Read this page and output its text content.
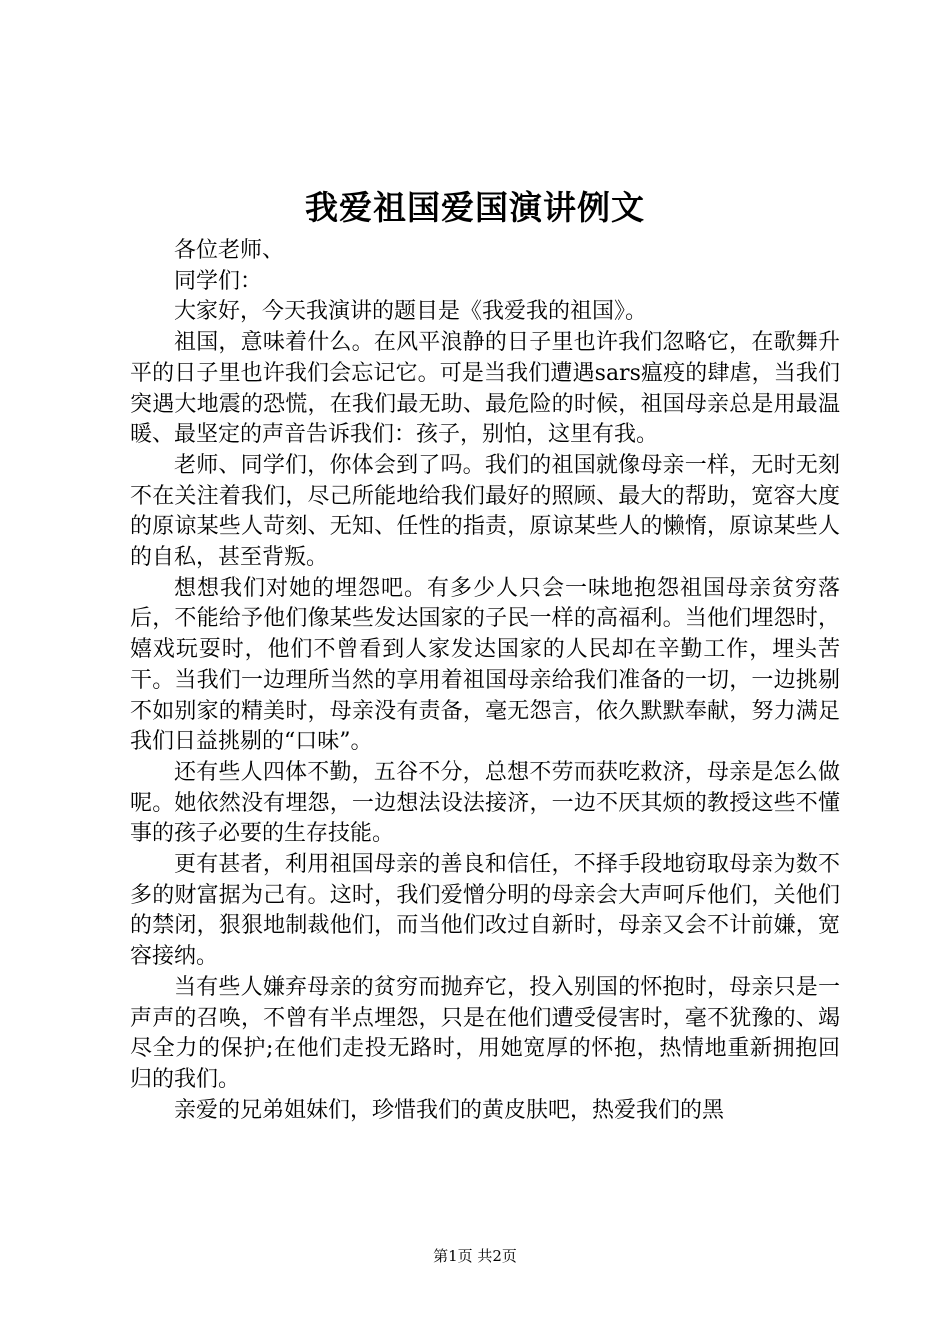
我爱祖国爱国演讲例文

各位老师、

同学们：

大家好，今天我演讲的题目是《我爱我的祖国》。

祖国，意味着什么。在风平浪静的日子里也许我们忽略它，在歌舞升平的日子里也许我们会忘记它。可是当我们遭遇sars瘟疫的肆虐，当我们突遇大地震的恐慌，在我们最无助、最危险的时候，祖国母亲总是用最温暖、最坚定的声音告诉我们：孩子，别怕，这里有我。

老师、同学们，你体会到了吗。我们的祖国就像母亲一样，无时无刻不在关注着我们，尽己所能地给我们最好的照顾、最大的帮助，宽容大度的原谅某些人苛刻、无知、任性的指责，原谅某些人的懒惰，原谅某些人的自私，甚至背叛。

想想我们对她的埋怨吧。有多少人只会一味地抱怨祖国母亲贫穷落后，不能给予他们像某些发达国家的子民一样的高福利。当他们埋怨时，嬉戏玩耍时，他们不曾看到人家发达国家的人民却在辛勤工作，埋头苦干。当我们一边理所当然的享用着祖国母亲给我们准备的一切，一边挑剔不如别家的精美时，母亲没有责备，毫无怨言，依久默默奉献，努力满足我们日益挑剔的“口味”。

还有些人四体不勤，五谷不分，总想不劳而获吃救济，母亲是怎么做呢。她依然没有埋怨，一边想法设法接济，一边不厌其烦的教授这些不懂事的孩子必要的生存技能。

更有甚者，利用祖国母亲的善良和信任，不择手段地窃取母亲为数不多的财富据为己有。这时，我们爱憎分明的母亲会大声呵斥他们，关他们的禁闭，狠狠地制裁他们，而当他们改过自新时，母亲又会不计前嫌，宽容接纳。

当有些人嫌弃母亲的贫穷而抛弃它，投入别国的怀抱时，母亲只是一声声的召唤，不曾有半点埋怨，只是在他们遭受侵害时，毫不犹豫的、竭尽全力的保护;在他们走投无路时，用她宽厚的怀抱，热情地重新拥抱回归的我们。

亲爱的兄弟姐妹们，珍惜我们的黄皮肤吧，热爱我们的黑

第1页 共2页
